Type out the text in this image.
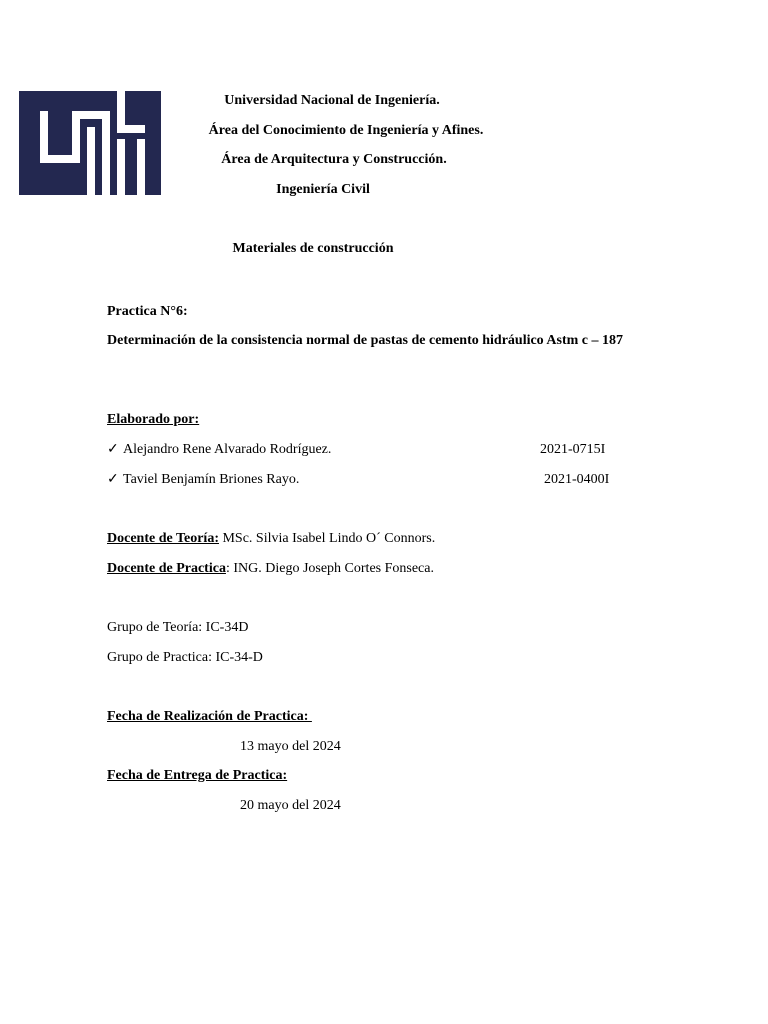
Universidad Nacional de Ingeniería.
Área del Conocimiento de Ingeniería y Afines.
Área de Arquitectura y Construcción.
Ingeniería Civil
Materiales de construcción
Practica N°6:
Determinación de la consistencia normal de pastas de cemento hidráulico Astm c – 187
Elaborado por:
✓ Alejandro Rene Alvarado Rodríguez.	2021-0715I
✓ Taviel Benjamín Briones Rayo.	2021-0400I
Docente de Teoría: MSc. Silvia Isabel Lindo O´ Connors.
Docente de Practica: ING. Diego Joseph Cortes Fonseca.
Grupo de Teoría: IC-34D
Grupo de Practica: IC-34-D
Fecha de Realización de Practica:
13 mayo del 2024
Fecha de Entrega de Practica:
20 mayo del 2024
